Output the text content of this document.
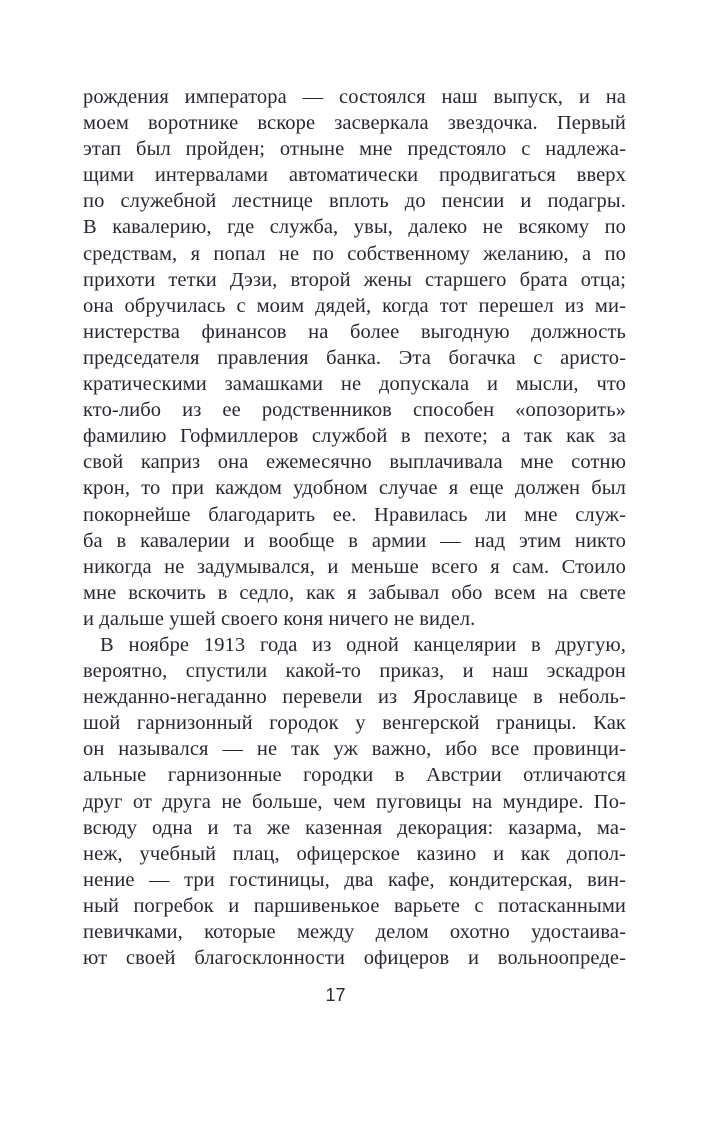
рождения императора — состоялся наш выпуск, и на
моем воротнике вскоре засверкала звездочка. Первый
этап был пройден; отныне мне предстояло с надлежа-
щими интервалами автоматически продвигаться вверх
по служебной лестнице вплоть до пенсии и подагры.
В кавалерию, где служба, увы, далеко не всякому по
средствам, я попал не по собственному желанию, а по
прихоти тетки Дэзи, второй жены старшего брата отца;
она обручилась с моим дядей, когда тот перешел из ми-
нистерства финансов на более выгодную должность
председателя правления банка. Эта богачка с аристо-
кратическими замашками не допускала и мысли, что
кто-либо из ее родственников способен «опозорить»
фамилию Гофмиллеров службой в пехоте; а так как за
свой каприз она ежемесячно выплачивала мне сотню
крон, то при каждом удобном случае я еще должен был
покорнейше благодарить ее. Нравилась ли мне служ-
ба в кавалерии и вообще в армии — над этим никто
никогда не задумывался, и меньше всего я сам. Стоило
мне вскочить в седло, как я забывал обо всем на свете
и дальше ушей своего коня ничего не видел.
В ноябре 1913 года из одной канцелярии в другую,
вероятно, спустили какой-то приказ, и наш эскадрон
нежданно-негаданно перевели из Ярославице в неболь-
шой гарнизонный городок у венгерской границы. Как
он назывался — не так уж важно, ибо все провинци-
альные гарнизонные городки в Австрии отличаются
друг от друга не больше, чем пуговицы на мундире. По-
всюду одна и та же казенная декорация: казарма, ма-
неж, учебный плац, офицерское казино и как допол-
нение — три гостиницы, два кафе, кондитерская, вин-
ный погребок и паршивенькое варьете с потасканными
певичками, которые между делом охотно удостаива-
ют своей благосклонности офицеров и вольноопреде-
17
